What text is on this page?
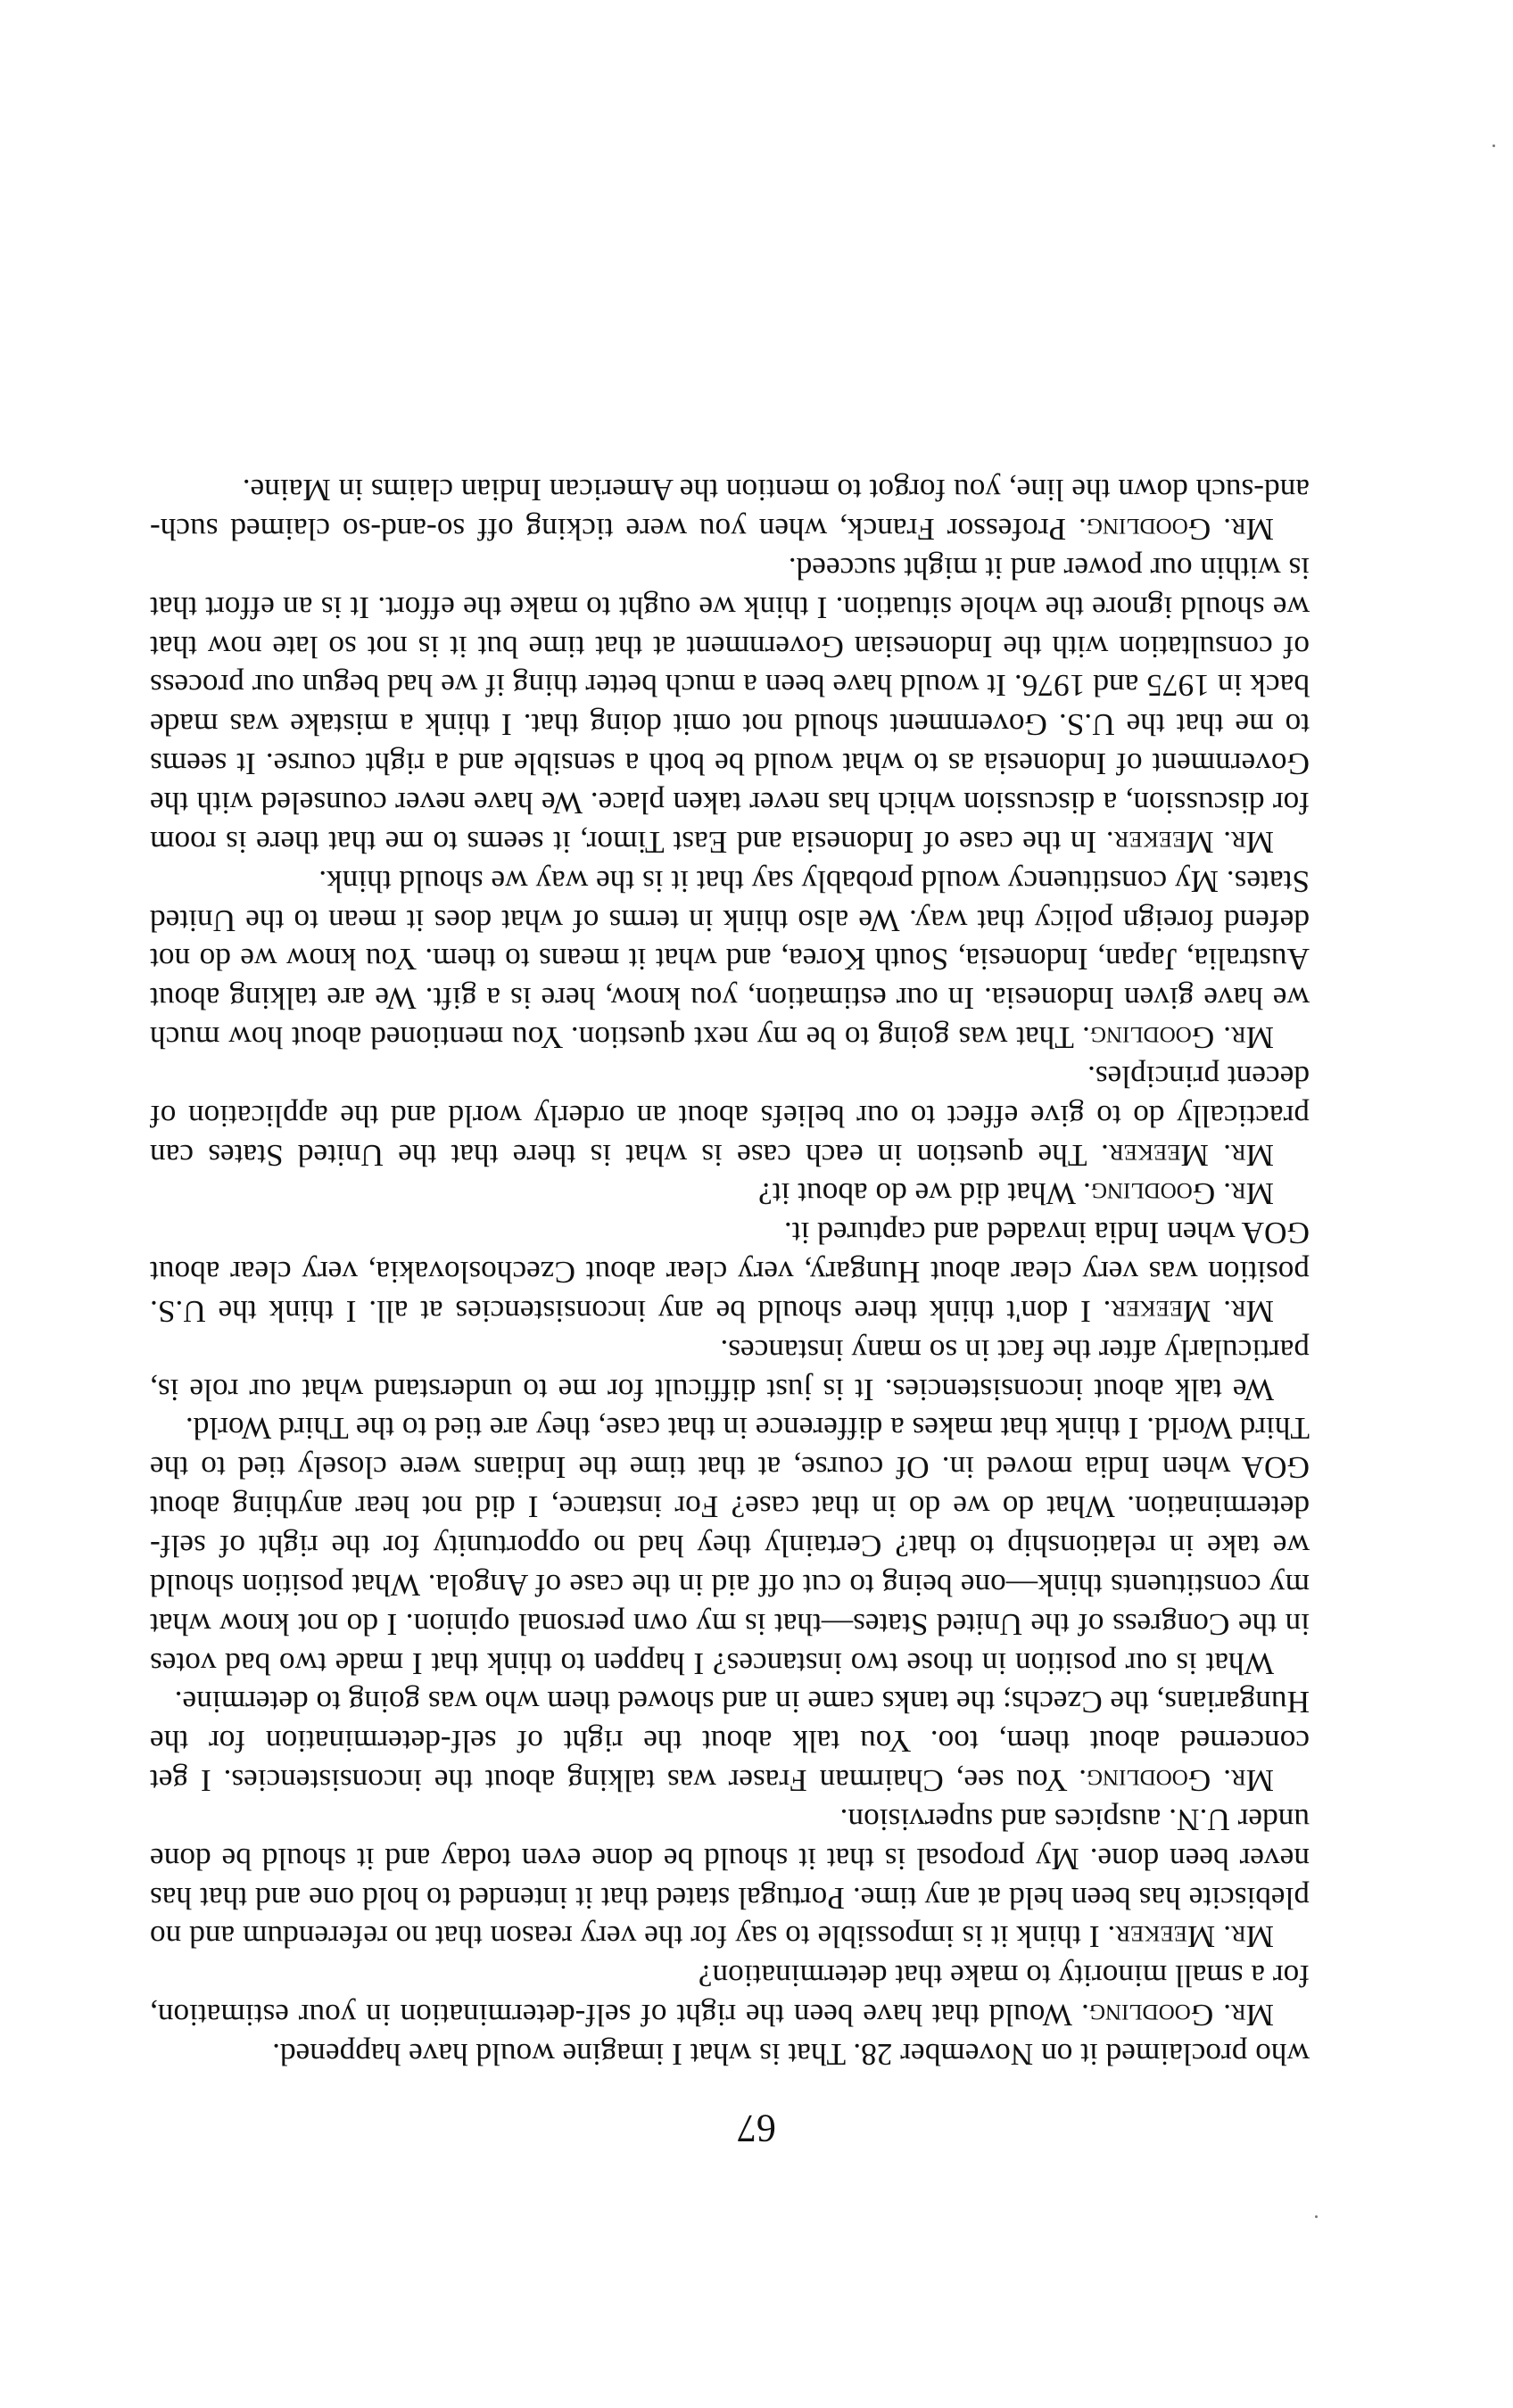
67

who proclaimed it on November 28. That is what I imagine would have happened.

Mr. Goodling. Would that have been the right of self-determination in your estimation, for a small minority to make that determination?

Mr. Meeker. I think it is impossible to say for the very reason that no referendum and no plebiscite has been held at any time. Portugal stated that it intended to hold one and that has never been done. My proposal is that it should be done even today and it should be done under U.N. auspices and supervision.

Mr. Goodling. You see, Chairman Fraser was talking about the inconsistencies. I get concerned about them, too. You talk about the right of self-determination for the Hungarians, the Czechs; the tanks came in and showed them who was going to determine.

What is our position in those two instances? I happen to think that I made two bad votes in the Congress of the United States—that is my own personal opinion. I do not know what my constituents think—one being to cut off aid in the case of Angola. What position should we take in relationship to that? Certainly they had no opportunity for the right of self-determination. What do we do in that case? For instance, I did not hear anything about GOA when India moved in. Of course, at that time the Indians were closely tied to the Third World. I think that makes a difference in that case, they are tied to the Third World.

We talk about inconsistencies. It is just difficult for me to understand what our role is, particularly after the fact in so many instances.

Mr. Meeker. I don't think there should be any inconsistencies at all. I think the U.S. position was very clear about Hungary, very clear about Czechoslovakia, very clear about GOA when India invaded and captured it.

Mr. Goodling. What did we do about it?

Mr. Meeker. The question in each case is what is there that the United States can practically do to give effect to our beliefs about an orderly world and the application of decent principles.

Mr. Goodling. That was going to be my next question. You mentioned about how much we have given Indonesia. In our estimation, you know, here is a gift. We are talking about Australia, Japan, Indonesia, South Korea, and what it means to them. You know we do not defend foreign policy that way. We also think in terms of what does it mean to the United States. My constituency would probably say that it is the way we should think.

Mr. Meeker. In the case of Indonesia and East Timor, it seems to me that there is room for discussion, a discussion which has never taken place. We have never counseled with the Government of Indonesia as to what would be both a sensible and a right course. It seems to me that the U.S. Government should not omit doing that. I think a mistake was made back in 1975 and 1976. It would have been a much better thing if we had begun our process of consultation with the Indonesian Government at that time but it is not so late now that we should ignore the whole situation. I think we ought to make the effort. It is an effort that is within our power and it might succeed.

Mr. Goodling. Professor Franck, when you were ticking off so-and-so claimed such-and-such down the line, you forgot to mention the American Indian claims in Maine.
